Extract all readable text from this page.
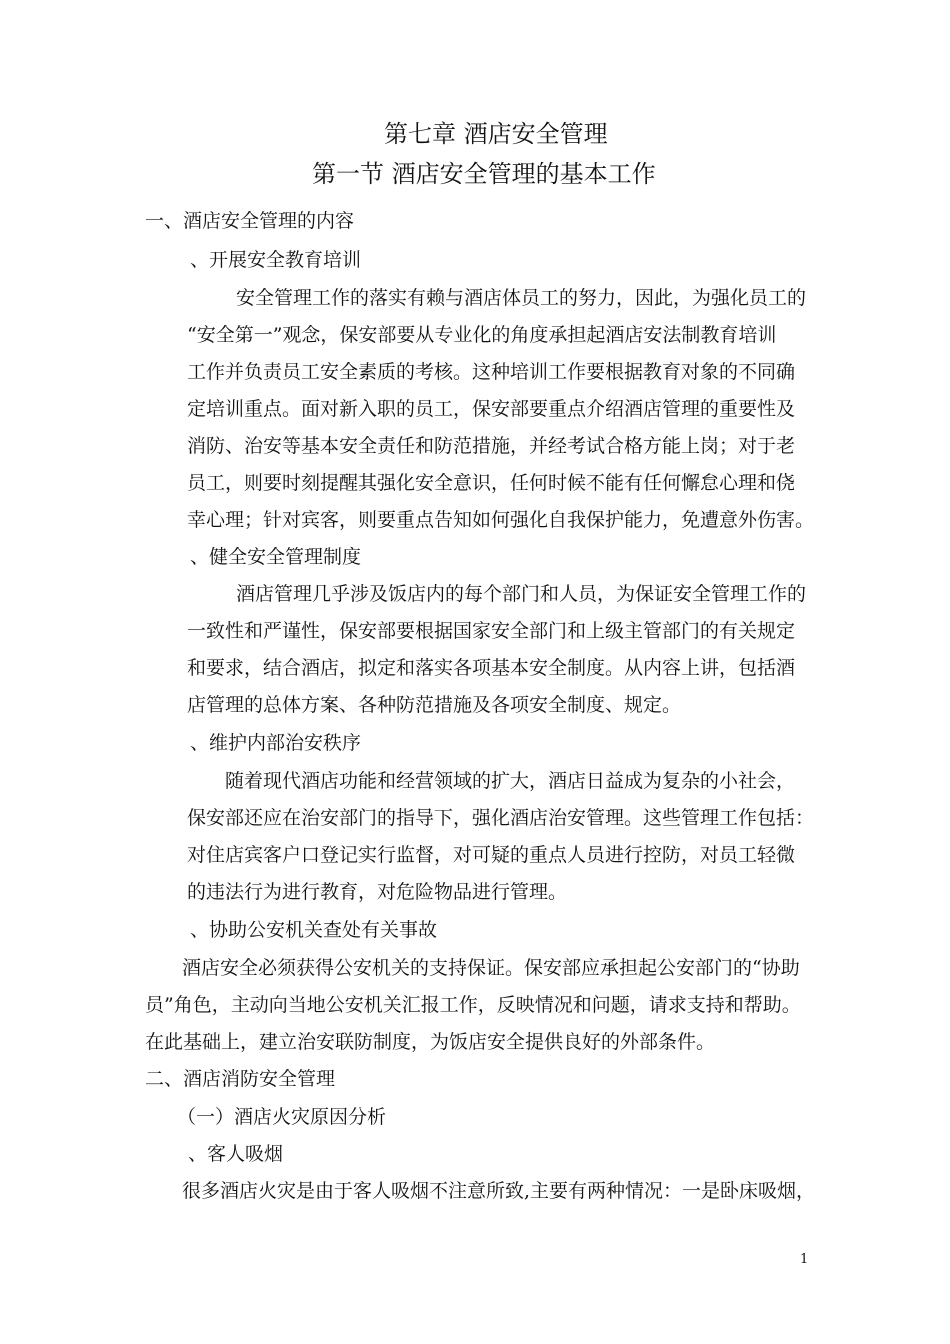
第七章 酒店安全管理
第一节 酒店安全管理的基本工作
一、酒店安全管理的内容
、开展安全教育培训
安全管理工作的落实有赖与酒店体员工的努力，因此，为强化员工的
“安全第一”观念，保安部要从专业化的角度承担起酒店安法制教育培训
工作并负责员工安全素质的考核。这种培训工作要根据教育对象的不同确
定培训重点。面对新入职的员工，保安部要重点介绍酒店管理的重要性及
消防、治安等基本安全责任和防范措施，并经考试合格方能上岗；对于老
员工，则要时刻提醒其强化安全意识，任何时候不能有任何懈怠心理和侥
幸心理；针对宾客，则要重点告知如何强化自我保护能力，免遭意外伤害。
、健全安全管理制度
酒店管理几乎涉及饭店内的每个部门和人员，为保证安全管理工作的
一致性和严谨性，保安部要根据国家安全部门和上级主管部门的有关规定
和要求，结合酒店，拟定和落实各项基本安全制度。从内容上讲，包括酒
店管理的总体方案、各种防范措施及各项安全制度、规定。
、维护内部治安秩序
随着现代酒店功能和经营领域的扩大，酒店日益成为复杂的小社会，
保安部还应在治安部门的指导下，强化酒店治安管理。这些管理工作包括：
对住店宾客户口登记实行监督，对可疑的重点人员进行控防，对员工轻微
的违法行为进行教育，对危险物品进行管理。
、协助公安机关查处有关事故
酒店安全必须获得公安机关的支持保证。保安部应承担起公安部门的“协助
员”角色，主动向当地公安机关汇报工作，反映情况和问题，请求支持和帮助。
在此基础上，建立治安联防制度，为饭店安全提供良好的外部条件。
二、酒店消防安全管理
（一）酒店火灾原因分析
、客人吸烟
很多酒店火灾是由于客人吸烟不注意所致,主要有两种情况：一是卧床吸烟，
1
